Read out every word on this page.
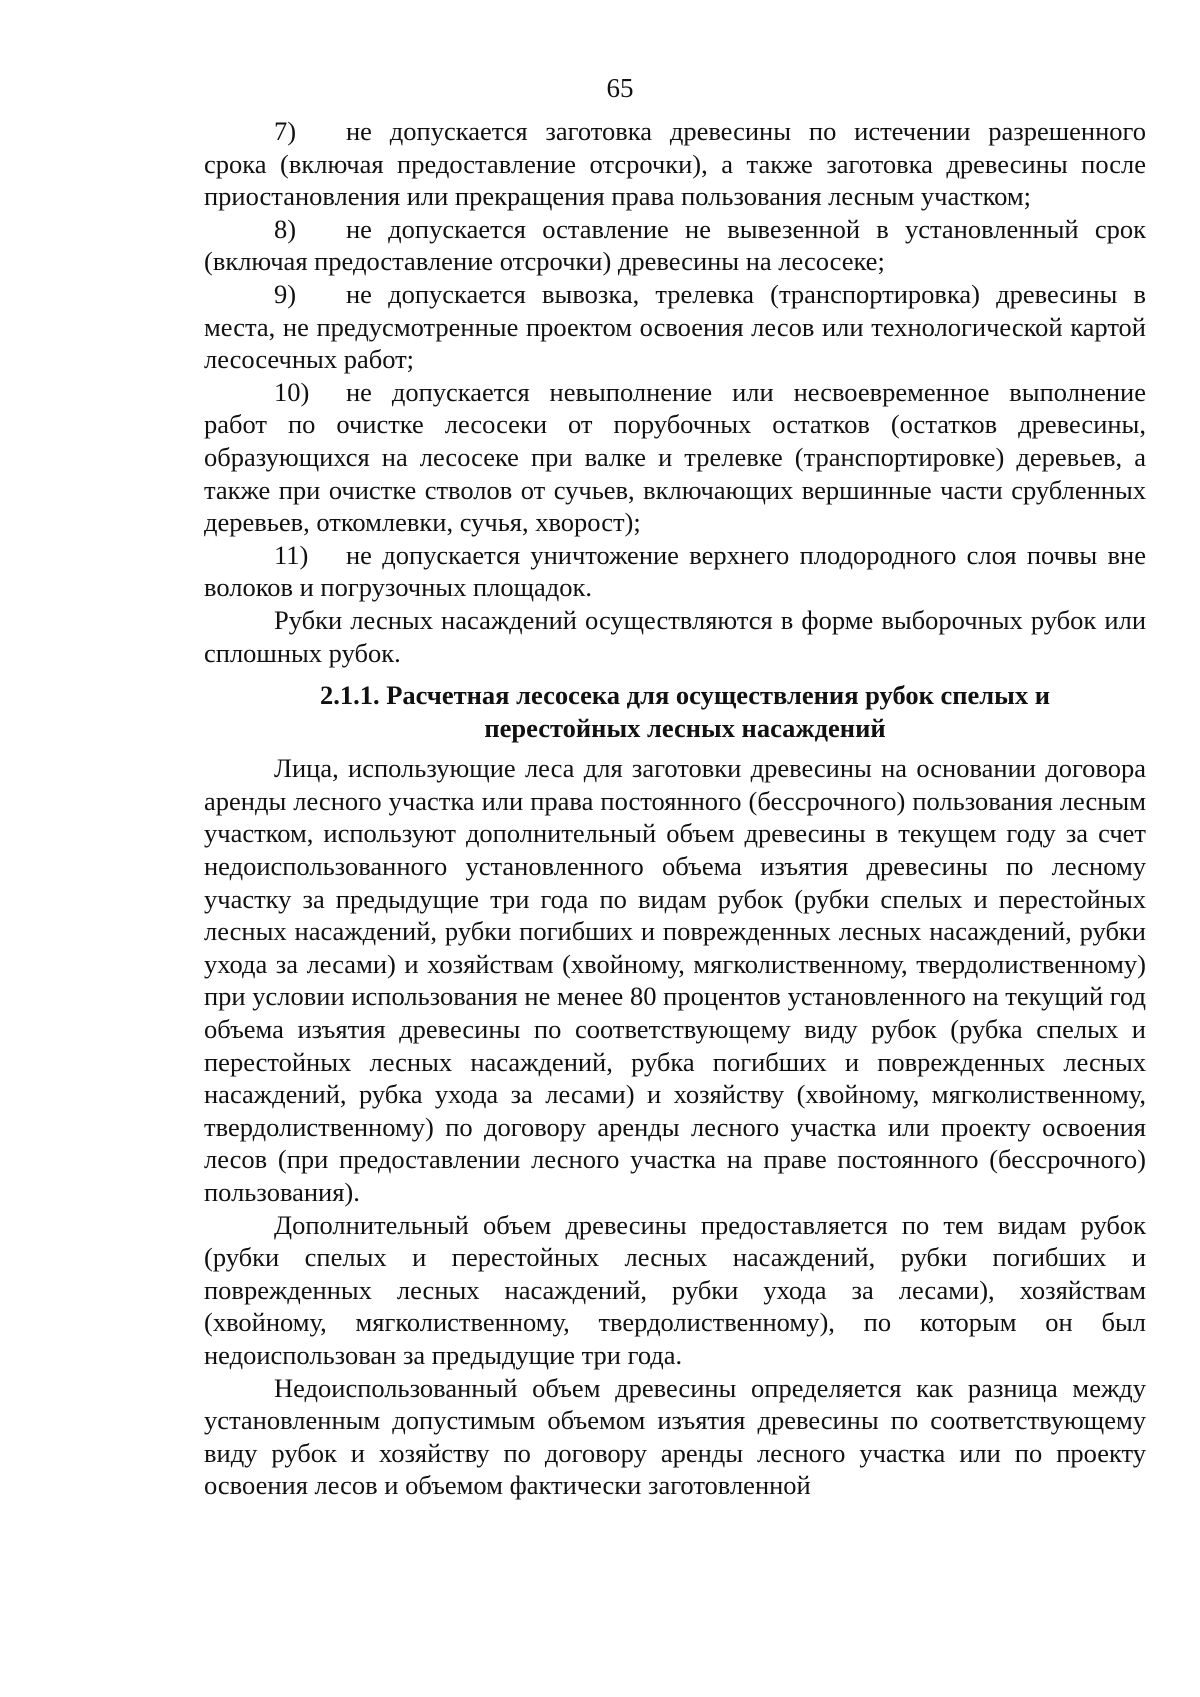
65

7) не допускается заготовка древесины по истечении разрешенного срока (включая предоставление отсрочки), а также заготовка древесины после приостановления или прекращения права пользования лесным участком;

8) не допускается оставление не вывезенной в установленный срок (включая предоставление отсрочки) древесины на лесосеке;

9) не допускается вывозка, трелевка (транспортировка) древесины в места, не предусмотренные проектом освоения лесов или технологической картой лесосечных работ;

10) не допускается невыполнение или несвоевременное выполнение работ по очистке лесосеки от порубочных остатков (остатков древесины, образующихся на лесосеке при валке и трелевке (транспортировке) деревьев, а также при очистке стволов от сучьев, включающих вершинные части срубленных деревьев, откомлевки, сучья, хворост);

11) не допускается уничтожение верхнего плодородного слоя почвы вне волоков и погрузочных площадок.

Рубки лесных насаждений осуществляются в форме выборочных рубок или сплошных рубок.

2.1.1. Расчетная лесосека для осуществления рубок спелых и
перестойных лесных насаждений

Лица, использующие леса для заготовки древесины на основании договора аренды лесного участка или права постоянного (бессрочного) пользования лесным участком, используют дополнительный объем древесины в текущем году за счет недоиспользованного установленного объема изъятия древесины по лесному участку за предыдущие три года по видам рубок (рубки спелых и перестойных лесных насаждений, рубки погибших и поврежденных лесных насаждений, рубки ухода за лесами) и хозяйствам (хвойному, мягколиственному, твердолиственному) при условии использования не менее 80 процентов установленного на текущий год объема изъятия древесины по соответствующему виду рубок (рубка спелых и перестойных лесных насаждений, рубка погибших и поврежденных лесных насаждений, рубка ухода за лесами) и хозяйству (хвойному, мягколиственному, твердолиственному) по договору аренды лесного участка или проекту освоения лесов (при предоставлении лесного участка на праве постоянного (бессрочного) пользования).

Дополнительный объем древесины предоставляется по тем видам рубок (рубки спелых и перестойных лесных насаждений, рубки погибших и поврежденных лесных насаждений, рубки ухода за лесами), хозяйствам (хвойному, мягколиственному, твердолиственному), по которым он был недоиспользован за предыдущие три года.

Недоиспользованный объем древесины определяется как разница между установленным допустимым объемом изъятия древесины по соответствующему виду рубок и хозяйству по договору аренды лесного участка или по проекту освоения лесов и объемом фактически заготовленной
